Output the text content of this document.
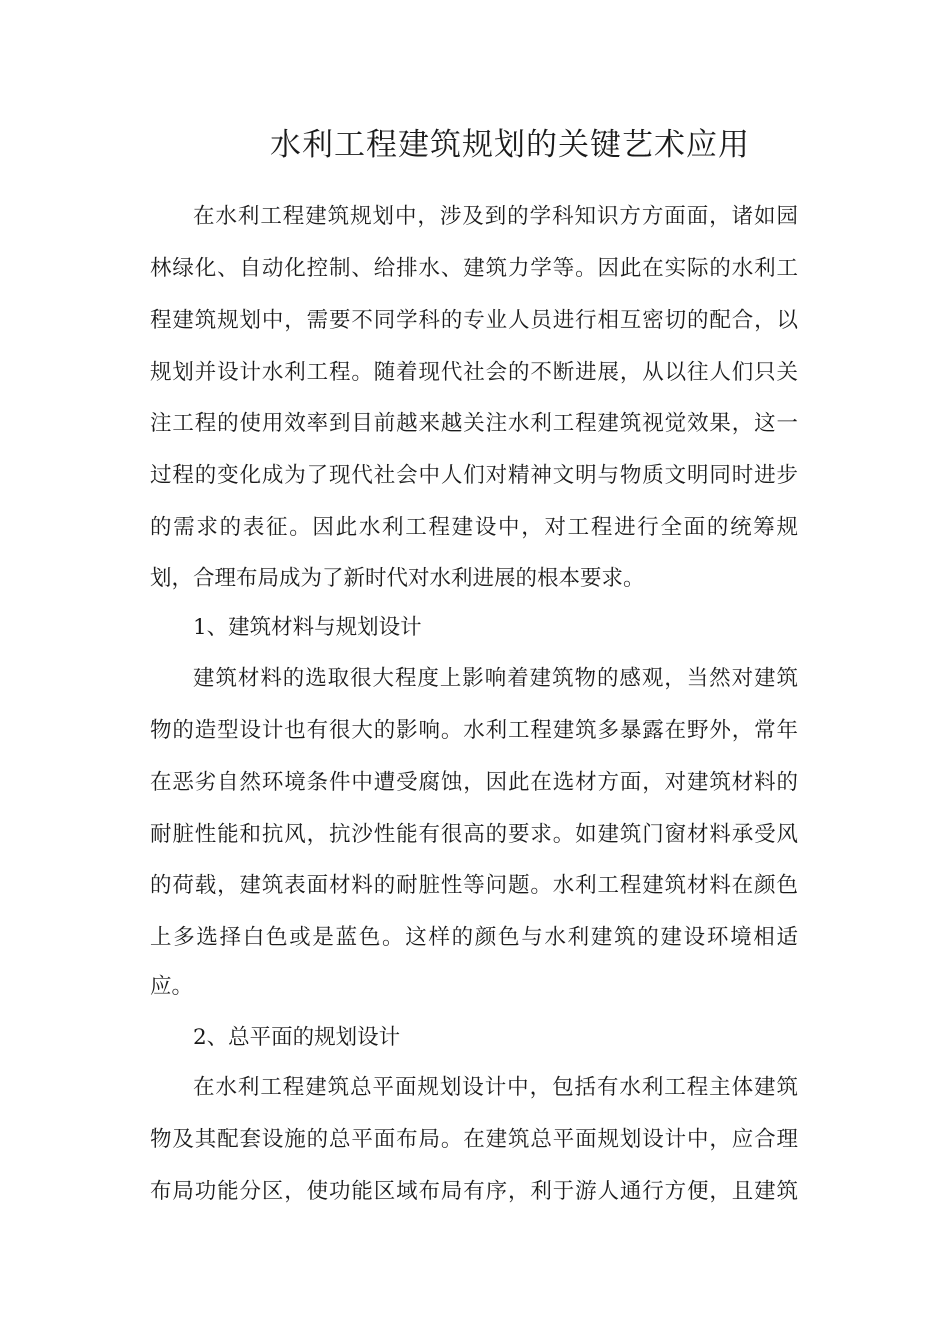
水利工程建筑规划的关键艺术应用

在水利工程建筑规划中，涉及到的学科知识方方面面，诸如园

林绿化、自动化控制、给排水、建筑力学等。因此在实际的水利工

程建筑规划中，需要不同学科的专业人员进行相互密切的配合，以

规划并设计水利工程。随着现代社会的不断进展，从以往人们只关

注工程的使用效率到目前越来越关注水利工程建筑视觉效果，这一

过程的变化成为了现代社会中人们对精神文明与物质文明同时进步

的需求的表征。因此水利工程建设中，对工程进行全面的统筹规

划，合理布局成为了新时代对水利进展的根本要求。

1、建筑材料与规划设计

建筑材料的选取很大程度上影响着建筑物的感观，当然对建筑

物的造型设计也有很大的影响。水利工程建筑多暴露在野外，常年

在恶劣自然环境条件中遭受腐蚀，因此在选材方面，对建筑材料的

耐脏性能和抗风，抗沙性能有很高的要求。如建筑门窗材料承受风

的荷载，建筑表面材料的耐脏性等问题。水利工程建筑材料在颜色

上多选择白色或是蓝色。这样的颜色与水利建筑的建设环境相适

应。

2、总平面的规划设计

在水利工程建筑总平面规划设计中，包括有水利工程主体建筑

物及其配套设施的总平面布局。在建筑总平面规划设计中，应合理

布局功能分区，使功能区域布局有序，利于游人通行方便，且建筑
